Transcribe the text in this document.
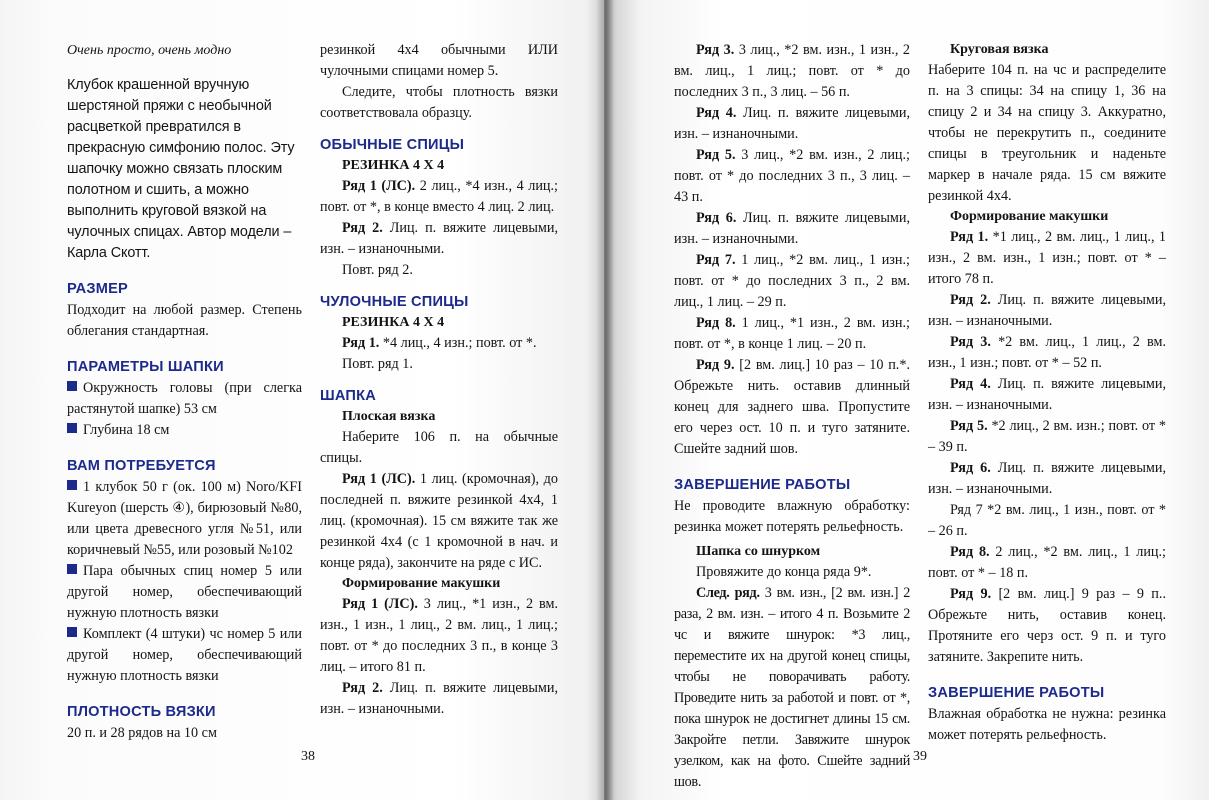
Очень просто, очень модно

Клубок крашенной вручную шерстяной пряжи с необычной расцветкой превратился в прекрасную симфонию полос. Эту шапочку можно связать плоским полотном и сшить, а можно выполнить круговой вязкой на чулочных спицах. Автор модели – Карла Скотт.

РАЗМЕР

Подходит на любой размер. Степень облегания стандартная.

ПАРАМЕТРЫ ШАПКИ

Окружность головы (при слегка растянутой шапке) 53 см

Глубина 18 см

ВАМ ПОТРЕБУЕТСЯ

1 клубок 50 г (ок. 100 м) Noro/KFI Kureyon (шерсть ④), бирюзовый №80, или цвета древесного угля №51, или коричневый №55, или розовый №102

Пара обычных спиц номер 5 или другой номер, обеспечивающий нужную плотность вязки

Комплект (4 штуки) чс номер 5 или другой номер, обеспечивающий нужную плотность вязки

ПЛОТНОСТЬ ВЯЗКИ

20 п. и 28 рядов на 10 см

резинкой 4х4 обычными ИЛИ чулочными спицами номер 5.

Следите, чтобы плотность вязки соответствовала образцу.

ОБЫЧНЫЕ СПИЦЫ

РЕЗИНКА 4 Х 4

Ряд 1 (ЛС). 2 лиц., *4 изн., 4 лиц.; повт. от *, в конце вместо 4 лиц. 2 лиц.

Ряд 2. Лиц. п. вяжите лицевыми, изн. – изнаночными.

Повт. ряд 2.

ЧУЛОЧНЫЕ СПИЦЫ

РЕЗИНКА 4 Х 4

Ряд 1. *4 лиц., 4 изн.; повт. от *.

Повт. ряд 1.

ШАПКА

Плоская вязка

Наберите 106 п. на обычные спицы.

Ряд 1 (ЛС). 1 лиц. (кромочная), до последней п. вяжите резинкой 4х4, 1 лиц. (кромочная). 15 см вяжите так же резинкой 4х4 (с 1 кромочной в нач. и конце ряда), закончите на ряде с ИС.

Формирование макушки

Ряд 1 (ЛС). 3 лиц., *1 изн., 2 вм. изн., 1 изн., 1 лиц., 2 вм. лиц., 1 лиц.; повт. от * до последних 3 п., в конце 3 лиц. – итого 81 п.

Ряд 2. Лиц. п. вяжите лицевыми, изн. – изнаночными.

38

Ряд 3. 3 лиц., *2 вм. изн., 1 изн., 2 вм. лиц., 1 лиц.; повт. от * до последних 3 п., 3 лиц. – 56 п.

Ряд 4. Лиц. п. вяжите лицевыми, изн. – изнаночными.

Ряд 5. 3 лиц., *2 вм. изн., 2 лиц.; повт. от * до последних 3 п., 3 лиц. – 43 п.

Ряд 6. Лиц. п. вяжите лицевыми, изн. – изнаночными.

Ряд 7. 1 лиц., *2 вм. лиц., 1 изн.; повт. от * до последних 3 п., 2 вм. лиц., 1 лиц. – 29 п.

Ряд 8. 1 лиц., *1 изн., 2 вм. изн.; повт. от *, в конце 1 лиц. – 20 п.

Ряд 9. [2 вм. лиц.] 10 раз – 10 п.*. Обрежьте нить. оставив длинный конец для заднего шва. Пропустите его через ост. 10 п. и туго затяните. Сшейте задний шов.

ЗАВЕРШЕНИЕ РАБОТЫ

Не проводите влажную обработку: резинка может потерять рельефность.

Шапка со шнурком

Провяжите до конца ряда 9*.

След. ряд. 3 вм. изн., [2 вм. изн.] 2 раза, 2 вм. изн. – итого 4 п. Возьмите 2 чс и вяжите шнурок: *3 лиц., переместите их на другой конец спицы, чтобы не поворачивать работу. Проведите нить за работой и повт. от *, пока шнурок не достигнет длины 15 см. Закройте петли. Завяжите шнурок узелком, как на фото. Сшейте задний шов.

Круговая вязка

Наберите 104 п. на чс и распределите п. на 3 спицы: 34 на спицу 1, 36 на спицу 2 и 34 на спицу 3. Аккуратно, чтобы не перекрутить п., соедините спицы в треугольник и наденьте маркер в начале ряда. 15 см вяжите резинкой 4х4.

Формирование макушки

Ряд 1. *1 лиц., 2 вм. лиц., 1 лиц., 1 изн., 2 вм. изн., 1 изн.; повт. от * – итого 78 п.

Ряд 2. Лиц. п. вяжите лицевыми, изн. – изнаночными.

Ряд 3. *2 вм. лиц., 1 лиц., 2 вм. изн., 1 изн.; повт. от * – 52 п.

Ряд 4. Лиц. п. вяжите лицевыми, изн. – изнаночными.

Ряд 5. *2 лиц., 2 вм. изн.; повт. от * – 39 п.

Ряд 6. Лиц. п. вяжите лицевыми, изн. – изнаночными.

Ряд 7 *2 вм. лиц., 1 изн., повт. от * – 26 п.

Ряд 8. 2 лиц., *2 вм. лиц., 1 лиц.; повт. от * – 18 п.

Ряд 9. [2 вм. лиц.] 9 раз – 9 п.. Обрежьте нить, оставив конец. Протяните его черз ост. 9 п. и туго затяните. Закрепите нить.

ЗАВЕРШЕНИЕ РАБОТЫ

Влажная обработка не нужна: резинка может потерять рельефность.

39
